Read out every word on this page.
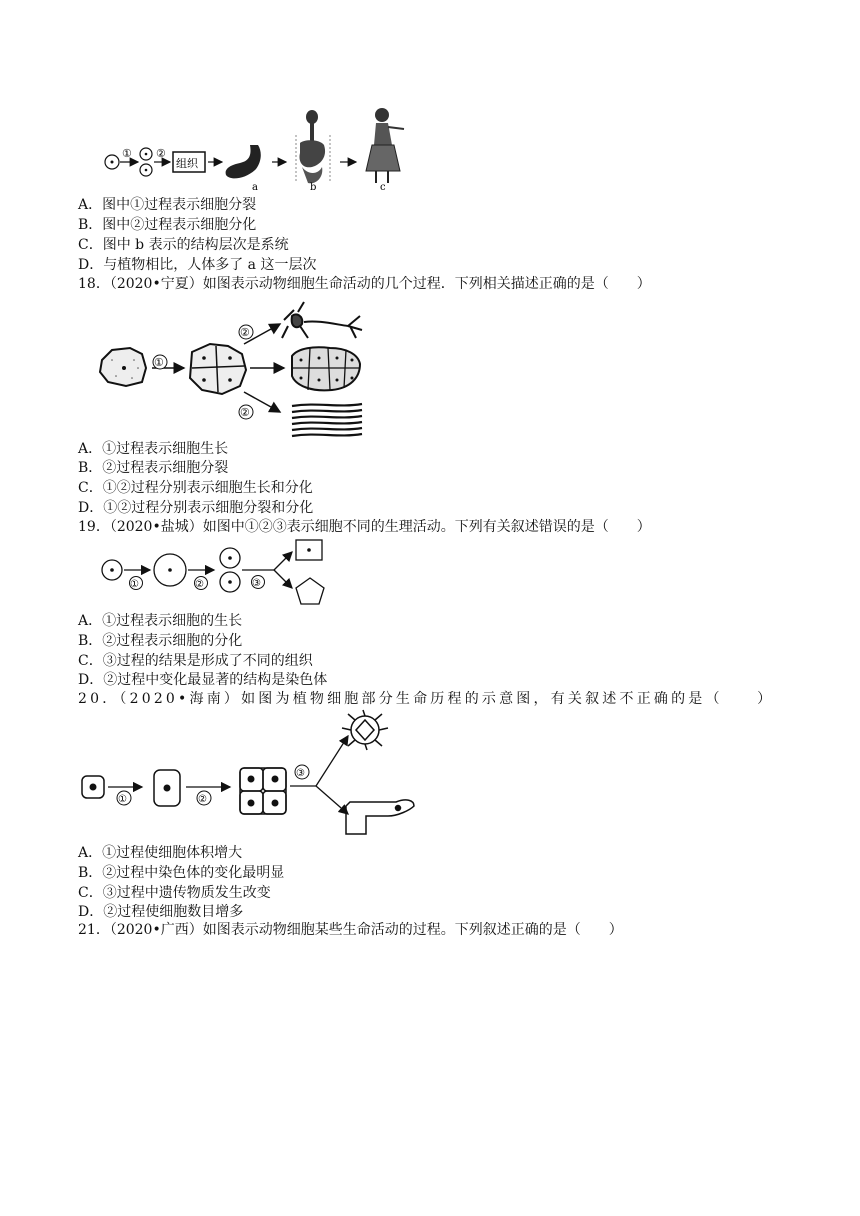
① ②
组织
a	b	c
A．图中①过程表示细胞分裂
B．图中②过程表示细胞分化
C．图中 b 表示的结构层次是系统
D．与植物相比，人体多了 a 这一层次
18．（2020•宁夏）如图表示动物细胞生命活动的几个过程．下列相关描述正确的是（　　）
①
②
②
A．①过程表示细胞生长
B．②过程表示细胞分裂
C．①②过程分别表示细胞生长和分化
D．①②过程分别表示细胞分裂和分化
19．（2020•盐城）如图中①②③表示细胞不同的生理活动。下列有关叙述错误的是（　　）
①	②	③
A．①过程表示细胞的生长
B．②过程表示细胞的分化
C．③过程的结果是形成了不同的组织
D．②过程中变化最显著的结构是染色体
20．（2020•海南）如图为植物细胞部分生命历程的示意图，有关叙述不正确的是（　　）
①	②
③
A．①过程使细胞体积增大
B．②过程中染色体的变化最明显
C．③过程中遗传物质发生改变
D．②过程使细胞数目增多
21．（2020•广西）如图表示动物细胞某些生命活动的过程。下列叙述正确的是（　　）
